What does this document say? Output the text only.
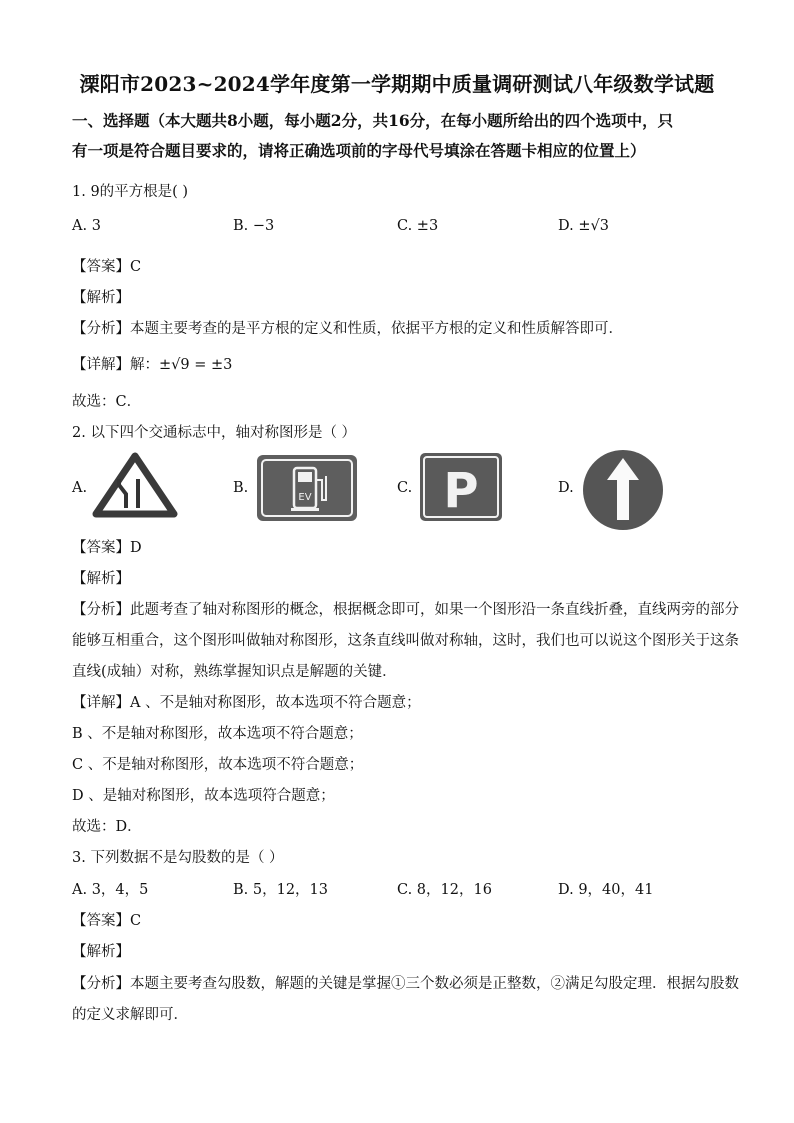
溧阳市2023~2024学年度第一学期期中质量调研测试八年级数学试题
一、选择题（本大题共8小题，每小题2分，共16分，在每小题所给出的四个选项中，只
有一项是符合题目要求的，请将正确选项前的字母代号填涂在答题卡相应的位置上）
1. 9的平方根是( )
A. 3	B. −3	C. ±3	D. ±√3
【答案】C
【解析】
【分析】本题主要考查的是平方根的定义和性质，依据平方根的定义和性质解答即可．
【详解】解：±√9 = ±3
故选：C．
2. 以下四个交通标志中，轴对称图形是（ ）
A.	B.
EV
C. P	D.
【答案】D
【解析】
【分析】此题考查了轴对称图形的概念，根据概念即可，如果一个图形沿一条直线折叠，直线两旁的部分
能够互相重合，这个图形叫做轴对称图形，这条直线叫做对称轴，这时，我们也可以说这个图形关于这条
直线(成轴）对称，熟练掌握知识点是解题的关键．
【详解】A 、不是轴对称图形，故本选项不符合题意；
B 、不是轴对称图形，故本选项不符合题意；
C 、不是轴对称图形，故本选项不符合题意；
D 、是轴对称图形，故本选项符合题意；
故选：D．
3. 下列数据不是勾股数的是（ ）
A. 3，4，5	B. 5，12，13	C. 8，12，16	D. 9，40，41
【答案】C
【解析】
【分析】本题主要考查勾股数，解题的关键是掌握①三个数必须是正整数，②满足勾股定理．根据勾股数
的定义求解即可．
